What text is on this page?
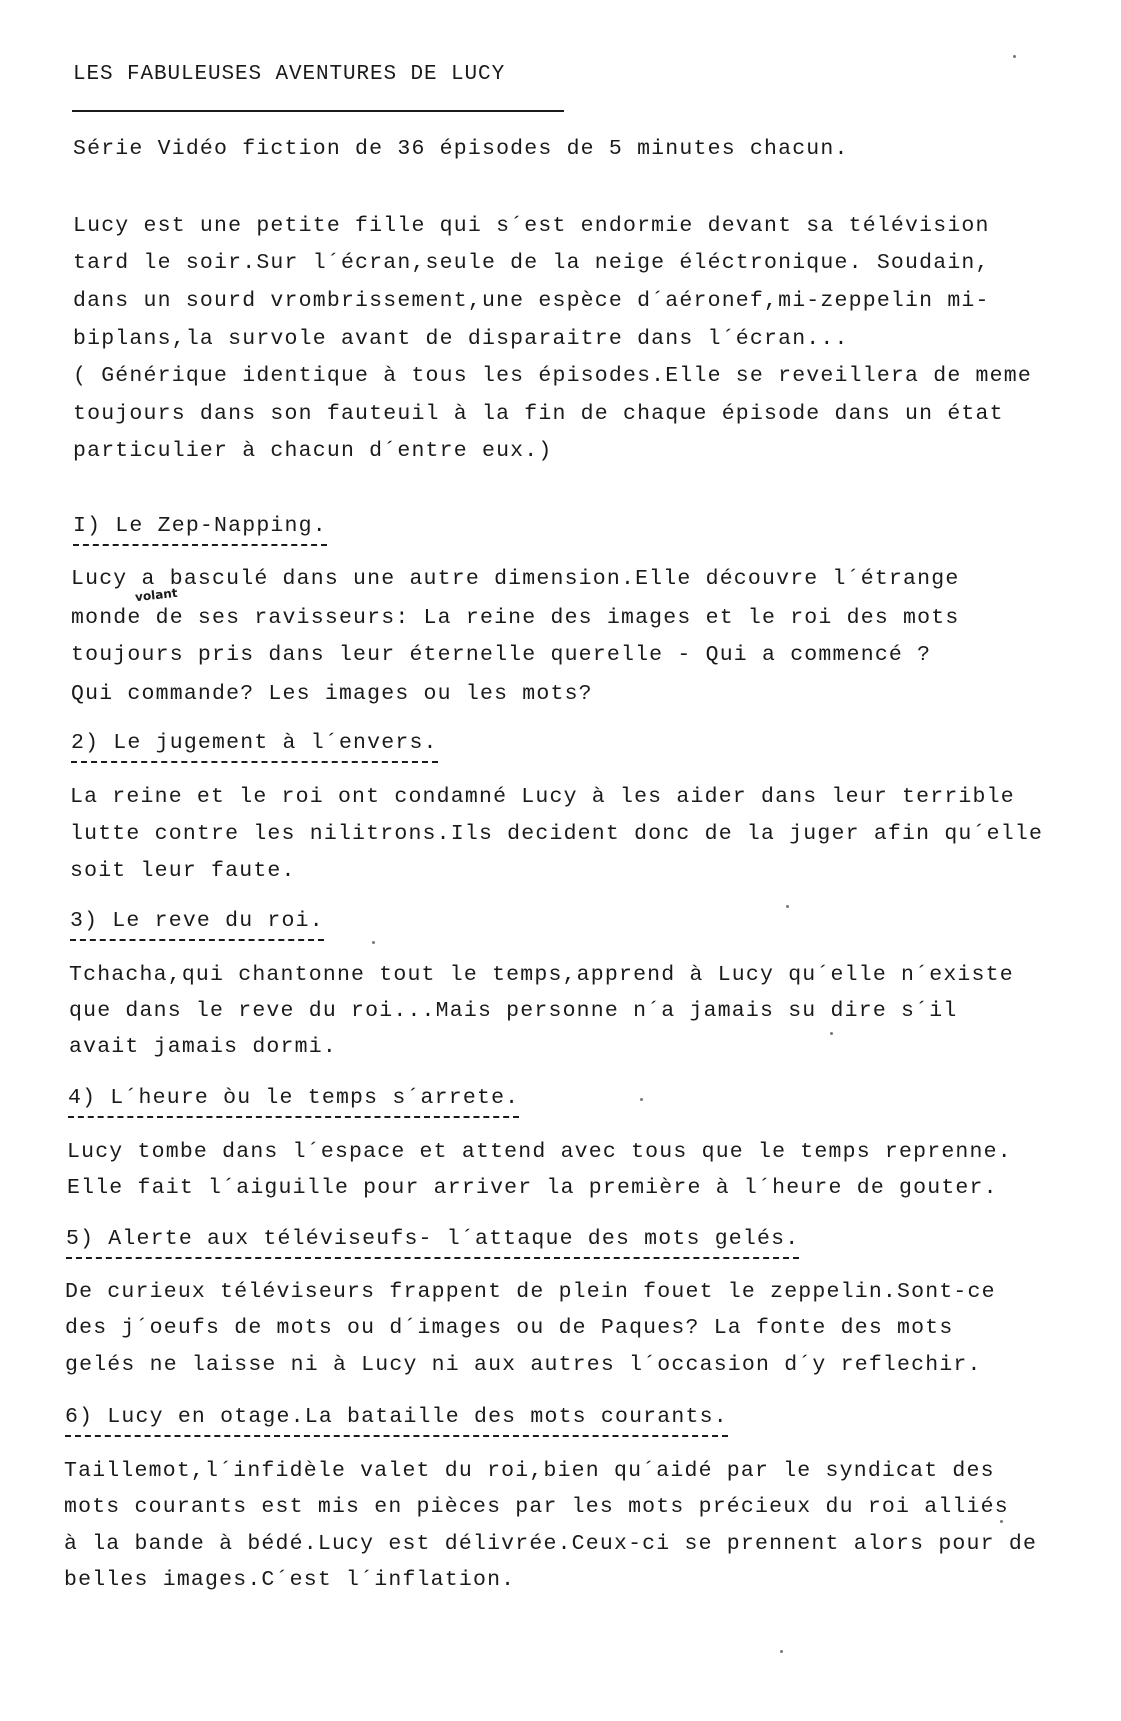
LES FABULEUSES AVENTURES DE LUCY
Série Vidéo fiction de 36 épisodes de 5 minutes chacun.
Lucy est une petite fille qui s´est endormie devant sa télévision
tard le soir.Sur l´écran,seule de la neige éléctronique. Soudain,
dans un sourd vrombrissement,une espèce d´aéronef,mi-zeppelin mi-
biplans,la survole avant de disparaitre dans l´écran...
( Générique identique à tous les épisodes.Elle se reveillera de meme
toujours dans son fauteuil à la fin de chaque épisode dans un état
particulier à chacun d´entre eux.)
I) Le Zep-Napping.
Lucy a basculé dans une autre dimension.Elle découvre l´étrange
volant
monde de ses ravisseurs: La reine des images et le roi des mots
toujours pris dans leur éternelle querelle - Qui a commencé ?
Qui commande? Les images ou les mots?
2) Le jugement à l´envers.
La reine et le roi ont condamné Lucy à les aider dans leur terrible
lutte contre les nilitrons.Ils decident donc de la juger afin qu´elle
soit leur faute.
3) Le reve du roi.
Tchacha,qui chantonne tout le temps,apprend à Lucy qu´elle n´existe
que dans le reve du roi...Mais personne n´a jamais su dire s´il
avait jamais dormi.
4) L´heure òu le temps s´arrete.
Lucy tombe dans l´espace et attend avec tous que le temps reprenne.
Elle fait l´aiguille pour arriver la première à l´heure de gouter.
5) Alerte aux téléviseufs- l´attaque des mots gelés.
De curieux téléviseurs frappent de plein fouet le zeppelin.Sont-ce
des j´oeufs de mots ou d´images ou de Paques? La fonte des mots
gelés ne laisse ni à Lucy ni aux autres l´occasion d´y reflechir.
6) Lucy en otage.La bataille des mots courants.
Taillemot,l´infidèle valet du roi,bien qu´aidé par le syndicat des
mots courants est mis en pièces par les mots précieux du roi alliés
à la bande à bédé.Lucy est délivrée.Ceux-ci se prennent alors pour de
belles images.C´est l´inflation.
